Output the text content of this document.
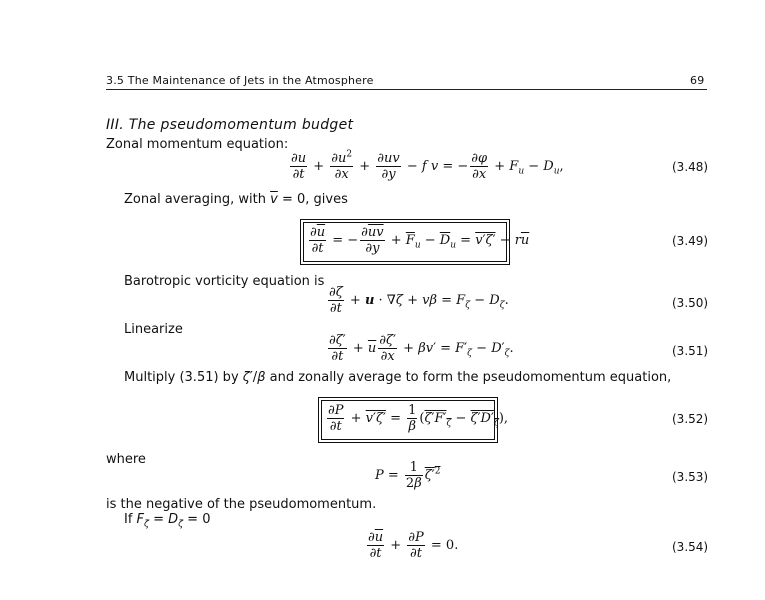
3.5 The Maintenance of Jets in the Atmosphere	69
III. The pseudomomentum budget
Zonal momentum equation:
$\frac{\partial u}{\partial t} + \frac{\partial u^2}{\partial x} + \frac{\partial uv}{\partial y} - f$ v = − $\frac{\partial\varphi}{\partial x} + F_u - D_u$,	(3.48)
Zonal averaging, with $\overline{v} = 0$, gives
$\frac{\partial\overline{u}}{\partial t}$ = − $\frac{\partial\overline{uv}}{\partial y} + \overline{F}_u - \overline{D}_u = v'\zeta' - r\overline{u}$	(3.49)
Barotropic vorticity equation is
$\frac{\partial\zeta}{\partial t} + u \cdot \nabla\zeta + v\beta = F_\zeta - D_\zeta$.	(3.50)
Linearize
$\frac{\partial\zeta'}{\partial t} + \overline{u} \frac{\partial\zeta'}{\partial x} + \beta v' = F'_\zeta - D'_\zeta$.	(3.51)
Multiply (3.51) by ζ′/β and zonally average to form the pseudomomentum equation,
$\frac{\partial P}{\partial t} + v'\zeta' = \frac{1}{\beta} (\zeta'F'_\zeta - \zeta'D'_\zeta)$,	(3.52)
where
$P = \frac{1}{2\beta} \zeta'^2$	(3.53)
is the negative of the pseudomomentum.
If $F_\zeta = D_\zeta = 0$
$\frac{\partial\overline{u}}{\partial t} + \frac{\partial P}{\partial t} = 0$.	(3.54)
